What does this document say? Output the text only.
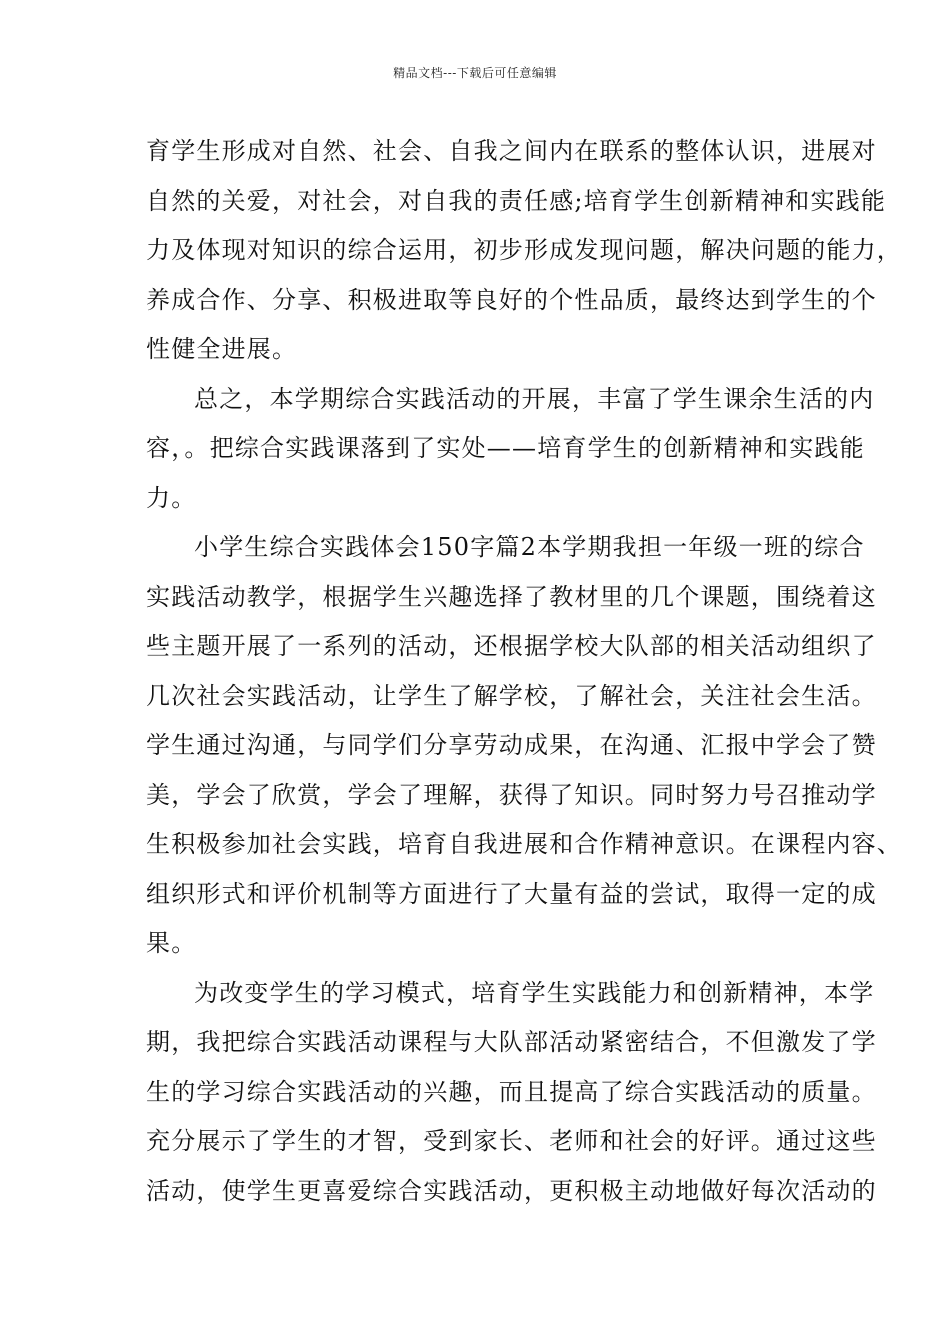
精品文档---下载后可任意编辑
育学生形成对自然、社会、自我之间内在联系的整体认识，进展对
自然的关爱，对社会，对自我的责任感;培育学生创新精神和实践能
力及体现对知识的综合运用，初步形成发现问题，解决问题的能力，
养成合作、分享、积极进取等良好的个性品质，最终达到学生的个
性健全进展。
总之，本学期综合实践活动的开展，丰富了学生课余生活的内
容，。把综合实践课落到了实处——培育学生的创新精神和实践能
力。
小学生综合实践体会150字篇2本学期我担一年级一班的综合
实践活动教学，根据学生兴趣选择了教材里的几个课题，围绕着这
些主题开展了一系列的活动，还根据学校大队部的相关活动组织了
几次社会实践活动，让学生了解学校，了解社会，关注社会生活。
学生通过沟通，与同学们分享劳动成果，在沟通、汇报中学会了赞
美，学会了欣赏，学会了理解，获得了知识。同时努力号召推动学
生积极参加社会实践，培育自我进展和合作精神意识。在课程内容、
组织形式和评价机制等方面进行了大量有益的尝试，取得一定的成
果。
为改变学生的学习模式，培育学生实践能力和创新精神，本学
期，我把综合实践活动课程与大队部活动紧密结合，不但激发了学
生的学习综合实践活动的兴趣，而且提高了综合实践活动的质量。
充分展示了学生的才智，受到家长、老师和社会的好评。通过这些
活动，使学生更喜爱综合实践活动，更积极主动地做好每次活动的
